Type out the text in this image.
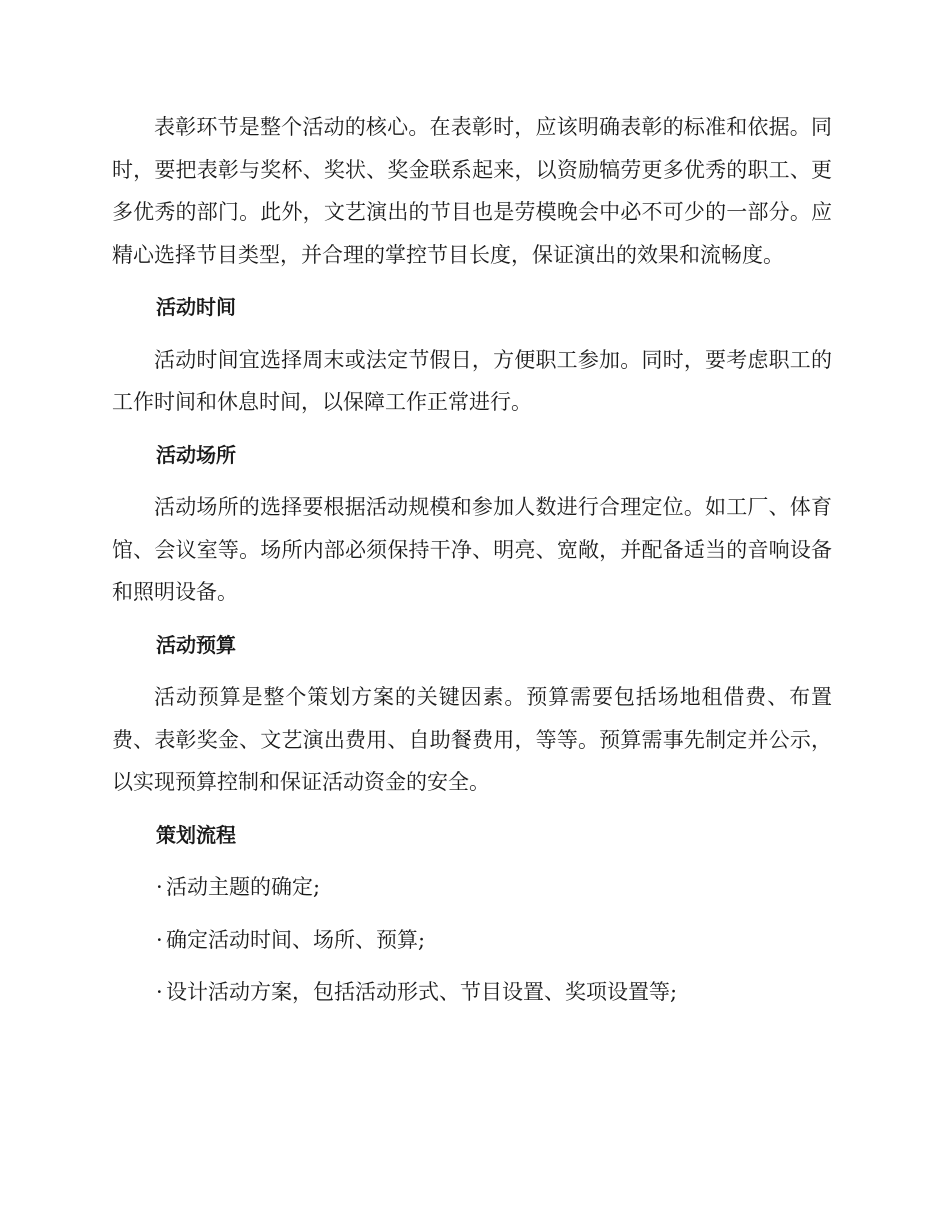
表彰环节是整个活动的核心。在表彰时，应该明确表彰的标准和依据。同时，要把表彰与奖杯、奖状、奖金联系起来，以资励犒劳更多优秀的职工、更多优秀的部门。此外，文艺演出的节目也是劳模晚会中必不可少的一部分。应精心选择节目类型，并合理的掌控节目长度，保证演出的效果和流畅度。

活动时间

活动时间宜选择周末或法定节假日，方便职工参加。同时，要考虑职工的工作时间和休息时间，以保障工作正常进行。

活动场所

活动场所的选择要根据活动规模和参加人数进行合理定位。如工厂、体育馆、会议室等。场所内部必须保持干净、明亮、宽敞，并配备适当的音响设备和照明设备。

活动预算

活动预算是整个策划方案的关键因素。预算需要包括场地租借费、布置费、表彰奖金、文艺演出费用、自助餐费用，等等。预算需事先制定并公示，以实现预算控制和保证活动资金的安全。

策划流程
· 活动主题的确定;
· 确定活动时间、场所、预算;
· 设计活动方案，包括活动形式、节目设置、奖项设置等;
